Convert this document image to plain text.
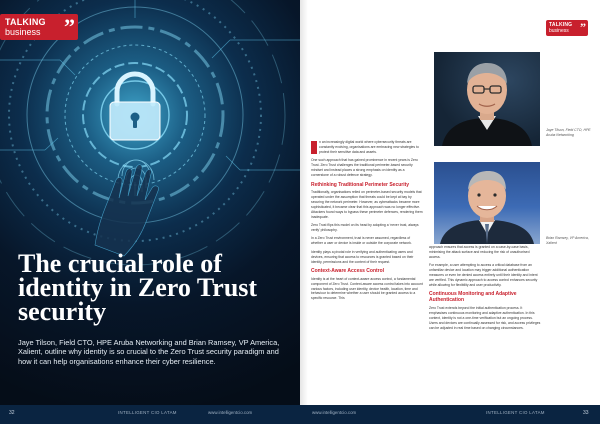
TALKING
business	”
The crucial role of identity in Zero Trust security

Jaye Tilson, Field CTO, HPE Aruba Networking and Brian Ramsey, VP America, Xalient, outline why identity is so crucial to the Zero Trust security paradigm and how it can help organisations enhance their cyber resilience.

32	INTELLIGENT CIO LATAM	www.intelligentcio.com
TALKING
business ”
Jaye Tilson, Field CTO, HPE Aruba Networking
Brian Ramsey, VP America, Xalient

n an increasingly digital world where cybersecurity threats are constantly evolving, organisations are embracing new strategies to protect their sensitive data and assets.

One such approach that has gained prominence in recent years is Zero Trust. Zero Trust challenges the traditional perimeter-based security mindset and instead places a strong emphasis on identity as a cornerstone of a robust defence strategy.

Rethinking Traditional Perimeter Security

Traditionally, organisations relied on perimeter-based security models that operated under the assumption that threats could be kept at bay by securing the network perimeter. However, as cyberattacks became more sophisticated, it became clear that this approach was no longer effective. Attackers found ways to bypass these perimeter defences, rendering them inadequate.

Zero Trust flips this model on its head by adopting a ‘never trust, always verify’ philosophy.

In a Zero Trust environment, trust is never assumed, regardless of whether a user or device is inside or outside the corporate network.

Identity plays a pivotal role in verifying and authenticating users and devices, ensuring that access to resources is granted based on their identity, permissions and the context of their request.

Context-Aware Access Control

Identity is at the heart of context-aware access control, a fundamental component of Zero Trust. Context-aware access control takes into account various factors, including user identity, device health, location, time and behaviour to determine whether a user should be granted access to a specific resource. This

approach ensures that access is granted on a case-by-case basis, minimising the attack surface and reducing the risk of unauthorised access.

For example, a user attempting to access a critical database from an unfamiliar device and location may trigger additional authentication measures or even be denied access entirely until their identity and intent are verified. This dynamic approach to access control enhances security while allowing for flexibility and user productivity.

Continuous Monitoring and Adaptive Authentication

Zero Trust extends beyond the initial authentication process. It emphasises continuous monitoring and adaptive authentication. In this context, identity is not a one-time verification but an ongoing process. Users and devices are continually assessed for risk, and access privileges can be adjusted in real time based on changing circumstances.

www.intelligentcio.com	INTELLIGENT CIO LATAM	33
